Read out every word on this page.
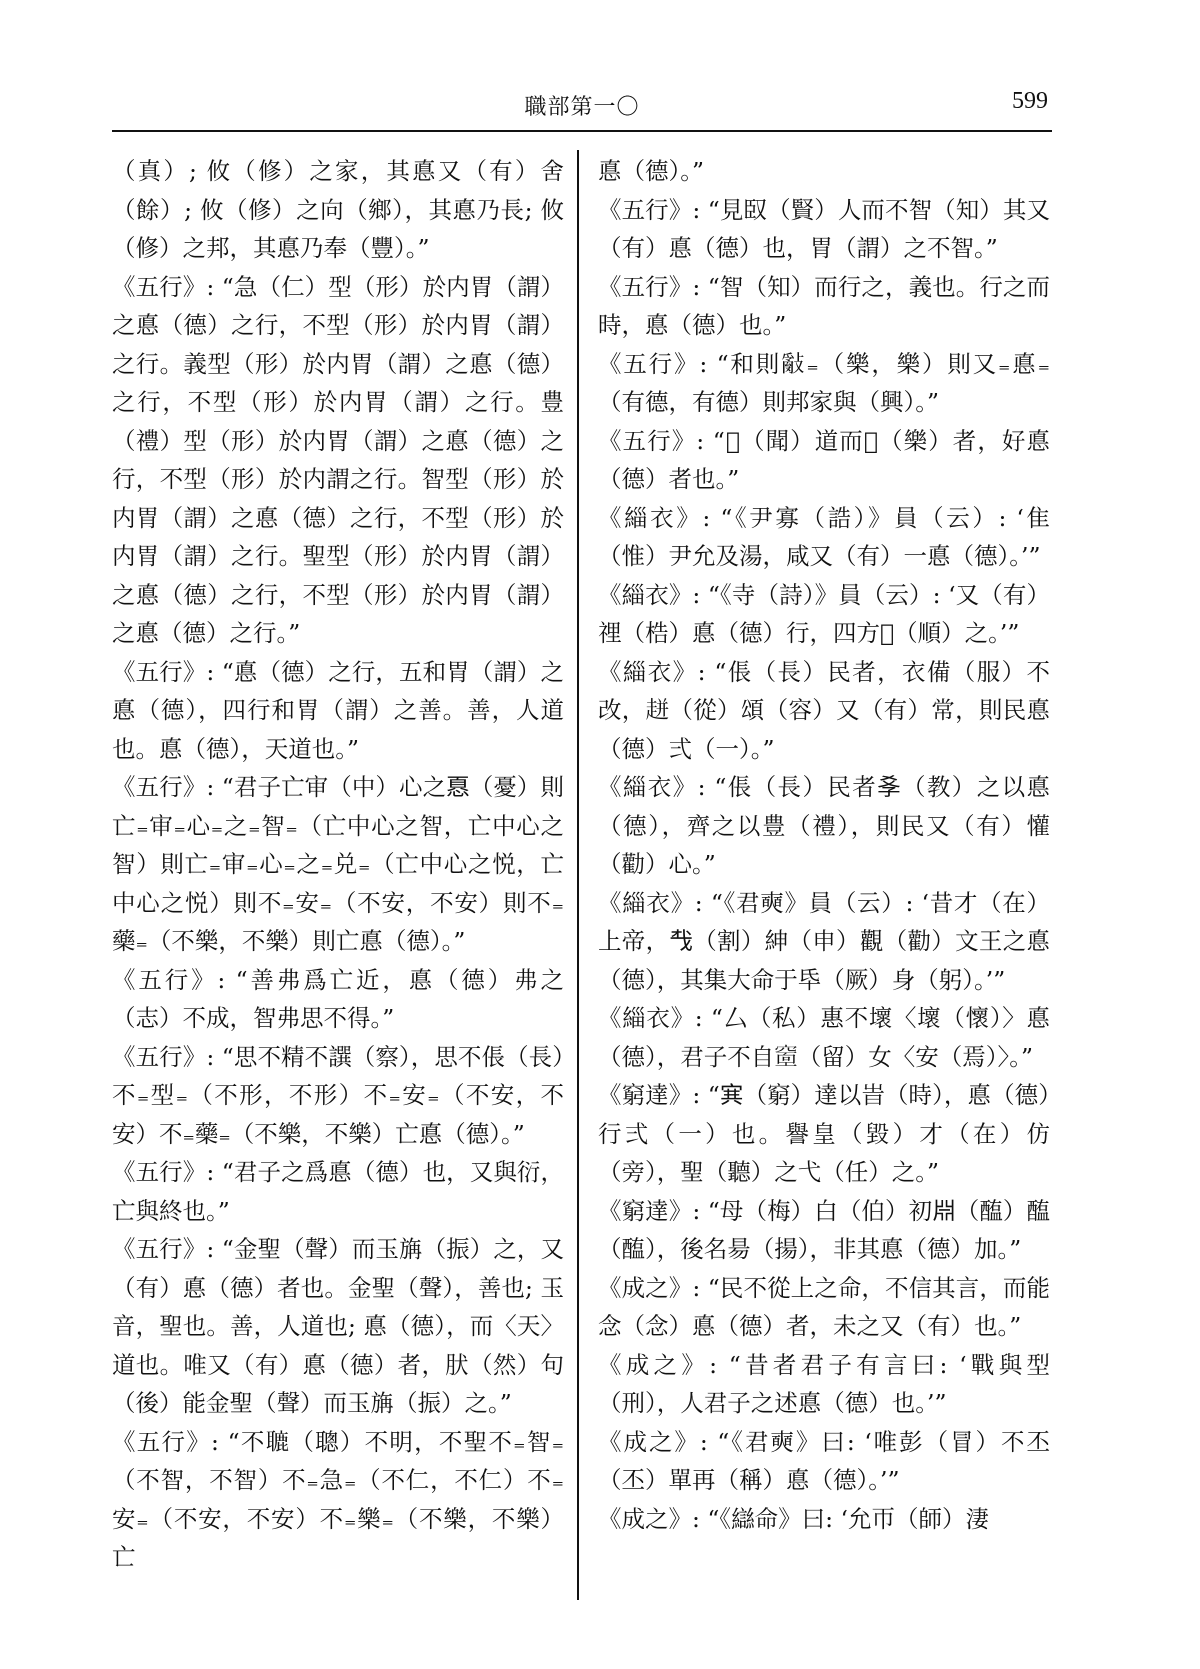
職部第一〇	599

（真）; 攸（修）之家，其悳又（有）舍（餘）; 攸（修）之向（鄉），其悳乃長; 攸（修）之邦，其悳乃奉（豐）。”

《五行》: “急（仁）型（形）於内胃（謂）之悳（德）之行，不型（形）於内胃（謂）之行。義型（形）於内胃（謂）之悳（德）之行，不型（形）於内胃（謂）之行。豊（禮）型（形）於内胃（謂）之悳（德）之行，不型（形）於内謂之行。智型（形）於内胃（謂）之悳（德）之行，不型（形）於内胃（謂）之行。聖型（形）於内胃（謂）之悳（德）之行，不型（形）於内胃（謂）之悳（德）之行。”

《五行》: “悳（德）之行，五和胃（謂）之悳（德），四行和胃（謂）之善。善，人道也。悳（德），天道也。”

《五行》: “君子亡审（中）心之𢝊（憂）則亡₌审₌心₌之₌智₌（亡中心之智，亡中心之智）則亡₌审₌心₌之₌兑₌（亡中心之悦，亡中心之悦）則不₌安₌（不安，不安）則不₌藥₌（不樂，不樂）則亡悳（德）。”

《五行》: “善弗爲亡近，悳（德）弗之（志）不成，智弗思不得。”

《五行》: “思不精不譔（察），思不倀（長）不₌型₌（不形，不形）不₌安₌（不安，不安）不₌藥₌（不樂，不樂）亡悳（德）。”

《五行》: “君子之爲悳（德）也，又與衍，亡與終也。”

《五行》: “金聖（聲）而玉㫋（振）之，又（有）悳（德）者也。金聖（聲），善也; 玉音，聖也。善，人道也; 悳（德），而〈天〉道也。唯又（有）悳（德）者，肰（然）句（後）能金聖（聲）而玉㫋（振）之。”

《五行》: “不𦗓（聰）不明，不聖不₌智₌（不智，不智）不₌急₌（不仁，不仁）不₌安₌（不安，不安）不₌樂₌（不樂，不樂）亡

悳（德）。”

《五行》: “見臤（賢）人而不智（知）其又（有）悳（德）也，胃（謂）之不智。”

《五行》: “智（知）而行之，義也。行之而時，悳（德）也。”

《五行》: “和則𢿢₌（樂，樂）則又₌悳₌（有德，有德）則邦家與（興）。”

《五行》: “𦖞（聞）道而𢿢（樂）者，好悳（德）者也。”

《緇衣》: “《尹寡（誥）》員（云）: ‘隹（惟）尹允及湯，咸又（有）一悳（德）。’”

《緇衣》: “《寺（詩）》員（云）: ‘又（有）𥚃（梏）悳（德）行，四方𢚩（順）之。’”

《緇衣》: “倀（長）民者，衣備（服）不改，𧻓（從）頌（容）又（有）常，則民悳（德）弍（一）。”

《緇衣》: “倀（長）民者𡥈（教）之以悳（德），齊之以豊（禮），則民又（有）懽（勸）心。”

《緇衣》: “《君奭》員（云）: ‘昔才（在）上帝，𢦔（割）紳（申）觀（勸）文王之悳（德），其集大命于氒（厥）身（躬）。’”

《緇衣》: “厶（私）惠不壞〈壞（懷）〉悳（德），君子不自𥧘（留）女〈安（焉）〉。”

《窮達》: “𡨄（窮）達以旹（時），悳（德）行弍（一）也。譽皇（毀）才（在）仿（旁），聖（聽）之弋（任）之。”

《窮達》: “母（梅）白（伯）初𣶒（醢）醢（醢），後名昜（揚），非其悳（德）加。”

《成之》: “民不從上之命，不信其言，而能念（念）悳（德）者，未之又（有）也。”

《成之》: “昔者君子有言曰: ‘戰與型（刑），人君子之述悳（德）也。’”

《成之》: “《君奭》曰: ‘唯彭（冒）不丕（丕）單再（稱）悳（德）。’”

《成之》: “《䜌命》曰: ‘允帀（師）淒
